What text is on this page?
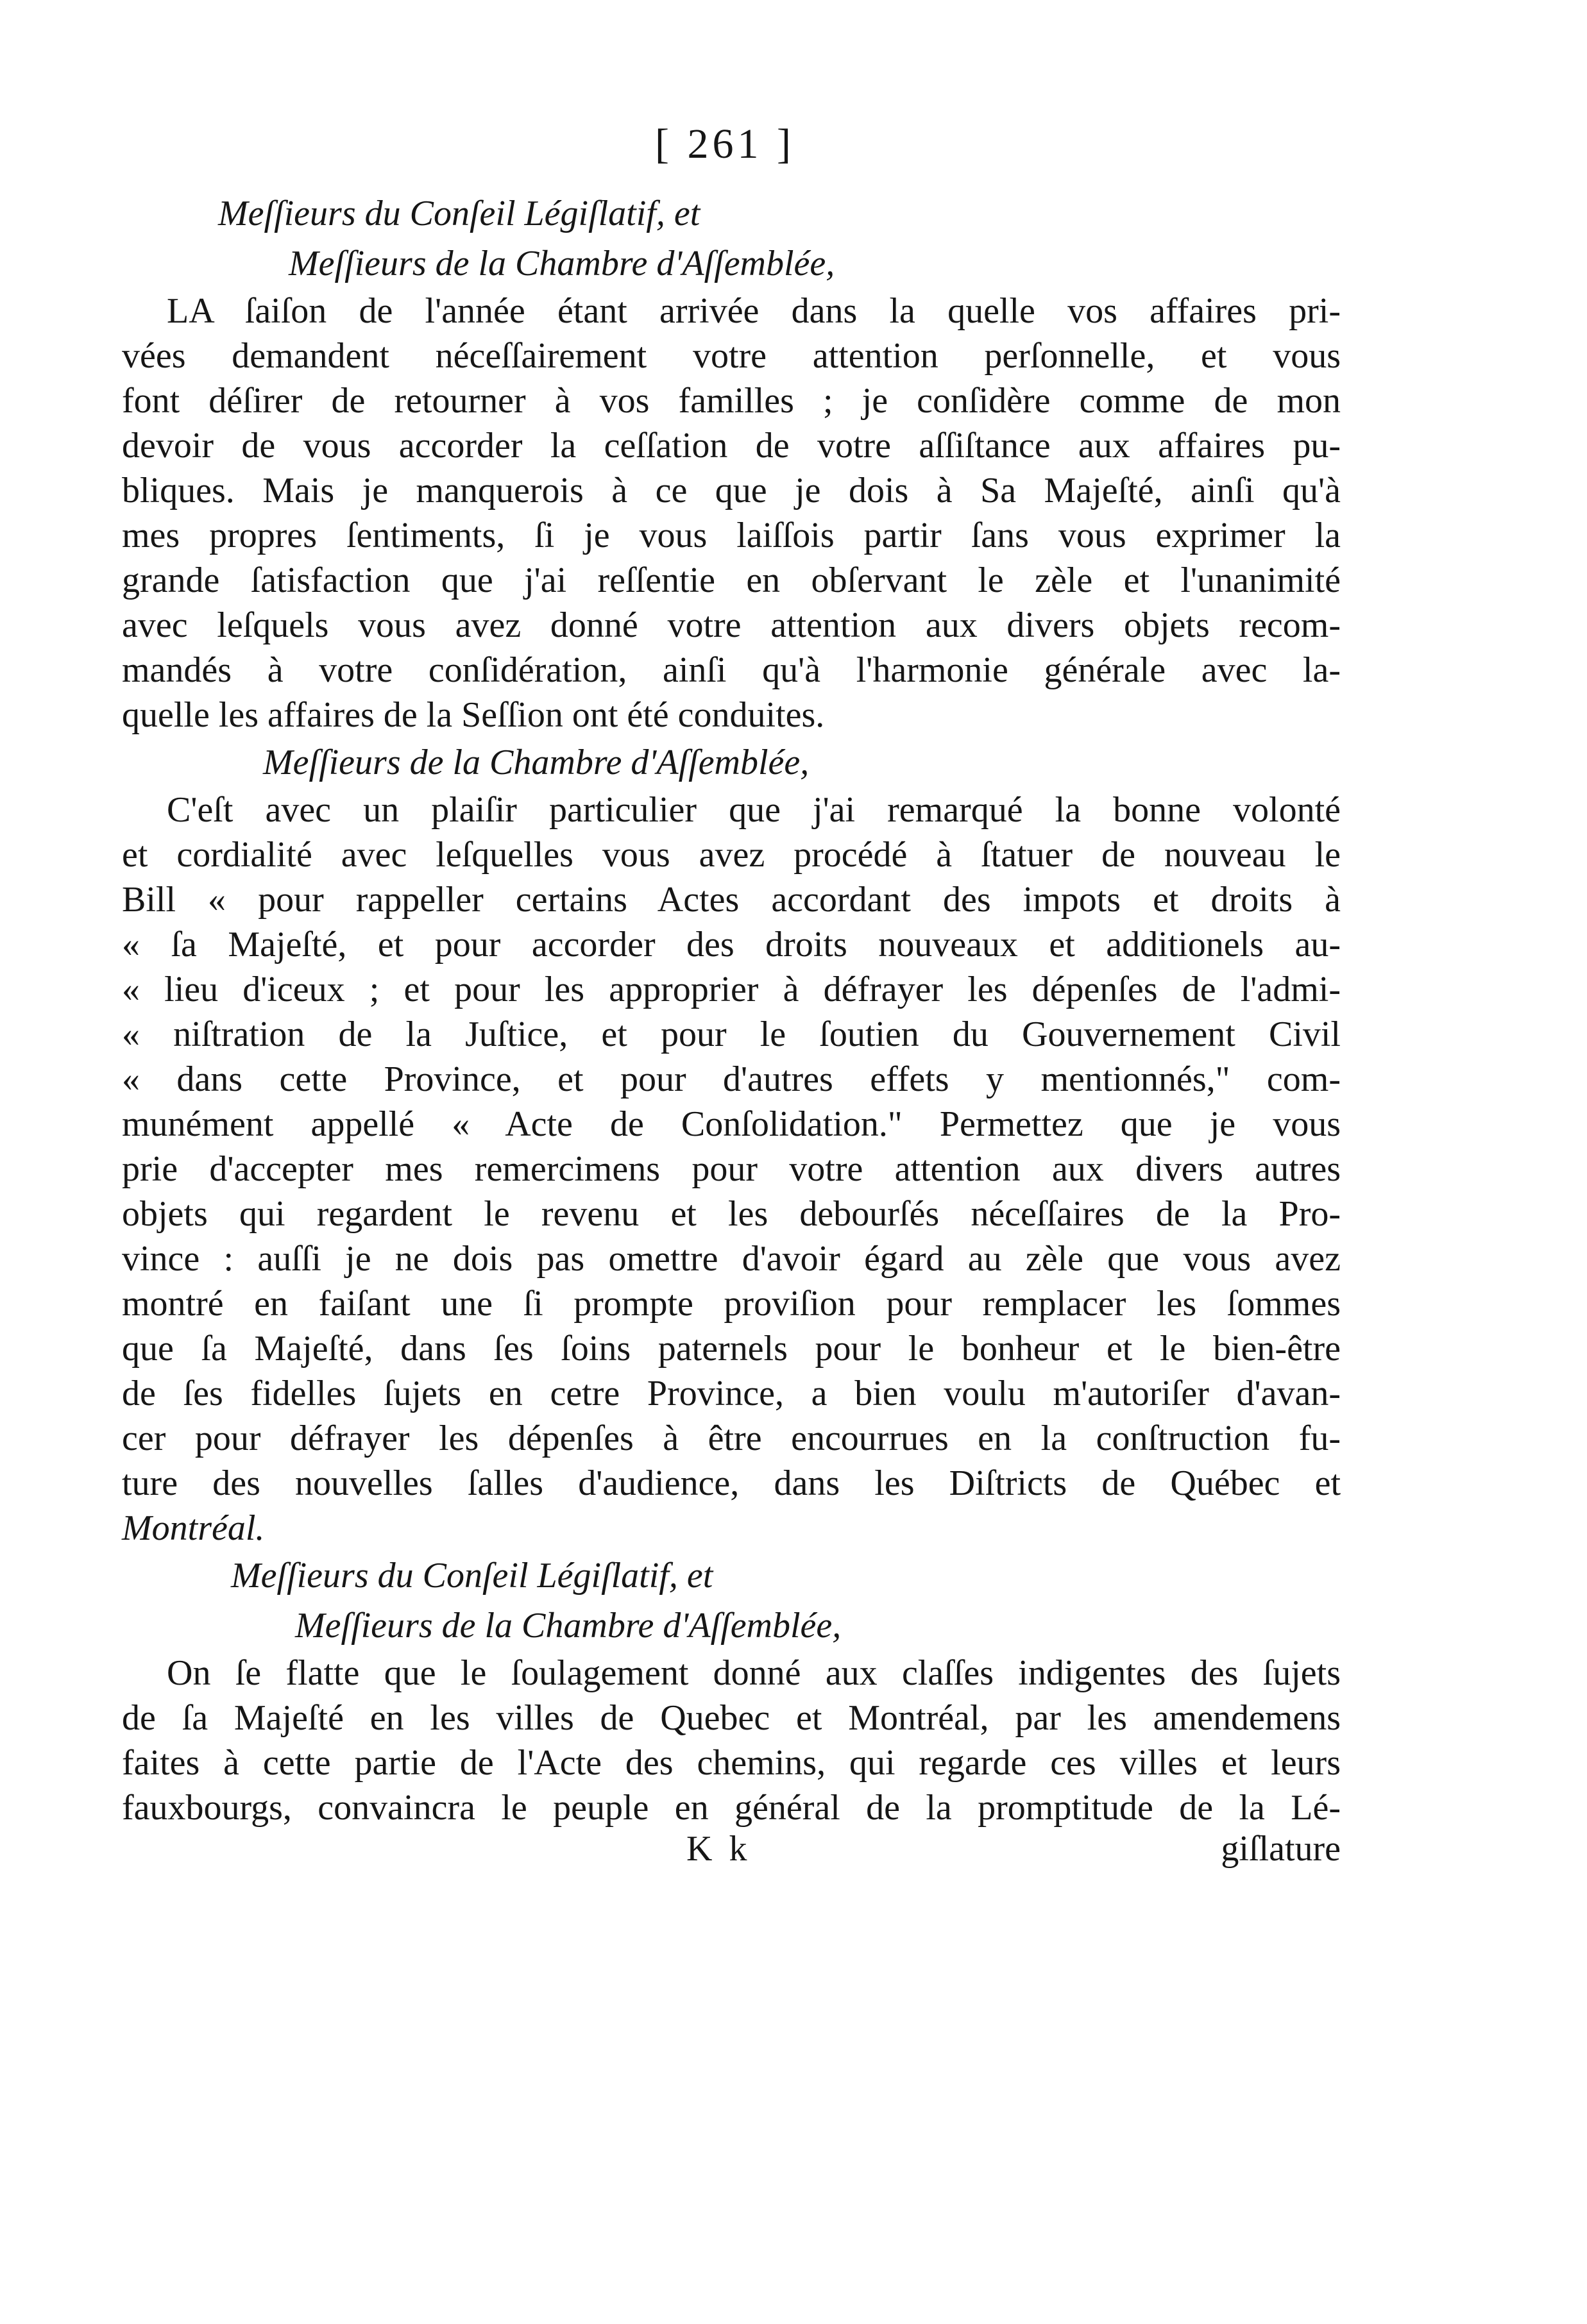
[ 261 ]

Meſſieurs du Conſeil Légiſlatif, et

Meſſieurs de la Chambre d'Aſſemblée,

LA ſaiſon de l'année étant arrivée dans la quelle vos affaires pri-
vées demandent néceſſairement votre attention perſonnelle, et vous
font déſirer de retourner à vos familles ; je conſidère comme de mon
devoir de vous accorder la ceſſation de votre aſſiſtance aux affaires pu-
bliques. Mais je manquerois à ce que je dois à Sa Majeſté, ainſi qu'à
mes propres ſentiments, ſi je vous laiſſois partir ſans vous exprimer la
grande ſatisfaction que j'ai reſſentie en obſervant le zèle et l'unanimité
avec leſquels vous avez donné votre attention aux divers objets recom-
mandés à votre conſidération, ainſi qu'à l'harmonie générale avec la-
quelle les affaires de la Seſſion ont été conduites.

Meſſieurs de la Chambre d'Aſſemblée,

C'eſt avec un plaiſir particulier que j'ai remarqué la bonne volonté
et cordialité avec leſquelles vous avez procédé à ſtatuer de nouveau le
Bill « pour rappeller certains Actes accordant des impots et droits à
« ſa Majeſté, et pour accorder des droits nouveaux et additionels au-
« lieu d'iceux ; et pour les approprier à défrayer les dépenſes de l'admi-
« niſtration de la Juſtice, et pour le ſoutien du Gouvernement Civil
« dans cette Province, et pour d'autres effets y mentionnés," com-
munément appellé « Acte de Conſolidation." Permettez que je vous
prie d'accepter mes remercimens pour votre attention aux divers autres
objets qui regardent le revenu et les debourſés néceſſaires de la Pro-
vince : auſſi je ne dois pas omettre d'avoir égard au zèle que vous avez
montré en faiſant une ſi prompte proviſion pour remplacer les ſommes
que ſa Majeſté, dans ſes ſoins paternels pour le bonheur et le bien-être
de ſes fidelles ſujets en cetre Province, a bien voulu m'autoriſer d'avan-
cer pour défrayer les dépenſes à être encourrues en la conſtruction fu-
ture des nouvelles ſalles d'audience, dans les Diſtricts de Québec et
Montréal.

Meſſieurs du Conſeil Légiſlatif, et

Meſſieurs de la Chambre d'Aſſemblée,

On ſe flatte que le ſoulagement donné aux claſſes indigentes des ſujets
de ſa Majeſté en les villes de Quebec et Montréal, par les amendemens
faites à cette partie de l'Acte des chemins, qui regarde ces villes et leurs
fauxbourgs, convaincra le peuple en général de la promptitude de la Lé-
K k	giſlature
